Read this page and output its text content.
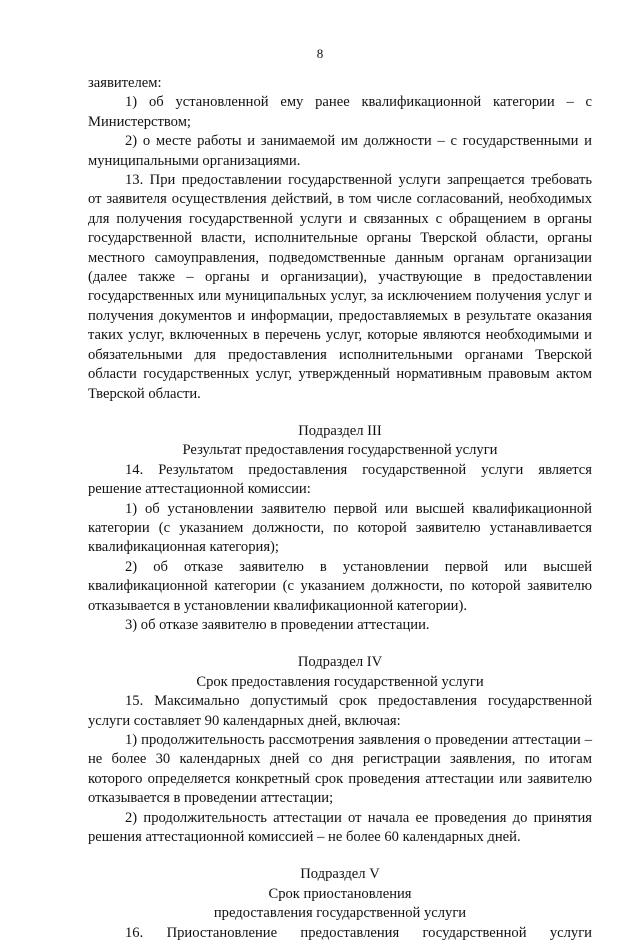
8

заявителем:

1) об установленной ему ранее квалификационной категории – с Министерством;

2) о месте работы и занимаемой им должности – с государственными и муниципальными организациями.

13. При предоставлении государственной услуги запрещается требовать от заявителя осуществления действий, в том числе согласований, необходимых для получения государственной услуги и связанных с обращением в органы государственной власти, исполнительные органы Тверской области, органы местного самоуправления, подведомственные данным органам организации (далее также – органы и организации), участвующие в предоставлении государственных или муниципальных услуг, за исключением получения услуг и получения документов и информации, предоставляемых в результате оказания таких услуг, включенных в перечень услуг, которые являются необходимыми и обязательными для предоставления исполнительными органами Тверской области государственных услуг, утвержденный нормативным правовым актом Тверской области.

Подраздел III

Результат предоставления государственной услуги

14. Результатом предоставления государственной услуги является решение аттестационной комиссии:

1) об установлении заявителю первой или высшей квалификационной категории (с указанием должности, по которой заявителю устанавливается квалификационная категория);

2) об отказе заявителю в установлении первой или высшей квалификационной категории (с указанием должности, по которой заявителю отказывается в установлении квалификационной категории).

3) об отказе заявителю в проведении аттестации.

Подраздел IV

Срок предоставления государственной услуги

15. Максимально допустимый срок предоставления государственной услуги составляет 90 календарных дней, включая:

1) продолжительность рассмотрения заявления о проведении аттестации – не более 30 календарных дней со дня регистрации заявления, по итогам которого определяется конкретный срок проведения аттестации или заявителю отказывается в проведении аттестации;

2) продолжительность аттестации от начала ее проведения до принятия решения аттестационной комиссией – не более 60 календарных дней.

Подраздел V

Срок приостановления

предоставления государственной услуги

16. Приостановление предоставления государственной услуги
